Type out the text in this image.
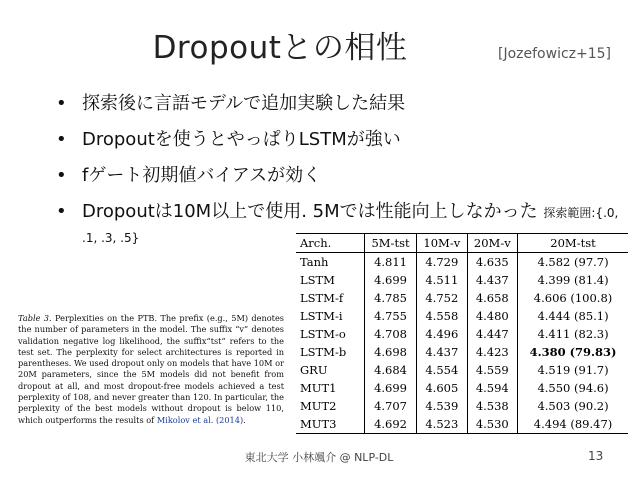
Dropoutとの相性	[Jozefowicz+15]
• 探索後に言語モデルで追加実験した結果
• Dropoutを使うとやっぱりLSTMが強い
• fゲート初期値バイアスが効く
• Dropoutは10M以上で使用. 5Mでは性能向上しなかった 探索範囲:{.0, .1, .3, .5}
Table 3. Perplexities on the PTB. The prefix (e.g., 5M) denotes the number of parameters in the model. The suffix “v” denotes validation negative log likelihood, the suffix“tst” refers to the test set. The perplexity for select architectures is reported in parentheses. We used dropout only on models that have 10M or 20M parameters, since the 5M models did not benefit from dropout at all, and most dropout-free models achieved a test perplexity of 108, and never greater than 120. In particular, the perplexity of the best models without dropout is below 110, which outperforms the results of Mikolov et al. (2014).
Arch.	5M-tst	10M-v	20M-v	20M-tst
Tanh	4.811	4.729	4.635	4.582 (97.7)
LSTM	4.699	4.511	4.437	4.399 (81.4)
LSTM-f	4.785	4.752	4.658	4.606 (100.8)
LSTM-i	4.755	4.558	4.480	4.444 (85.1)
LSTM-o	4.708	4.496	4.447	4.411 (82.3)
LSTM-b	4.698	4.437	4.423	4.380 (79.83)
GRU	4.684	4.554	4.559	4.519 (91.7)
MUT1	4.699	4.605	4.594	4.550 (94.6)
MUT2	4.707	4.539	4.538	4.503 (90.2)
MUT3	4.692	4.523	4.530	4.494 (89.47)
東北大学 小林颯介 @ NLP-DL	13
